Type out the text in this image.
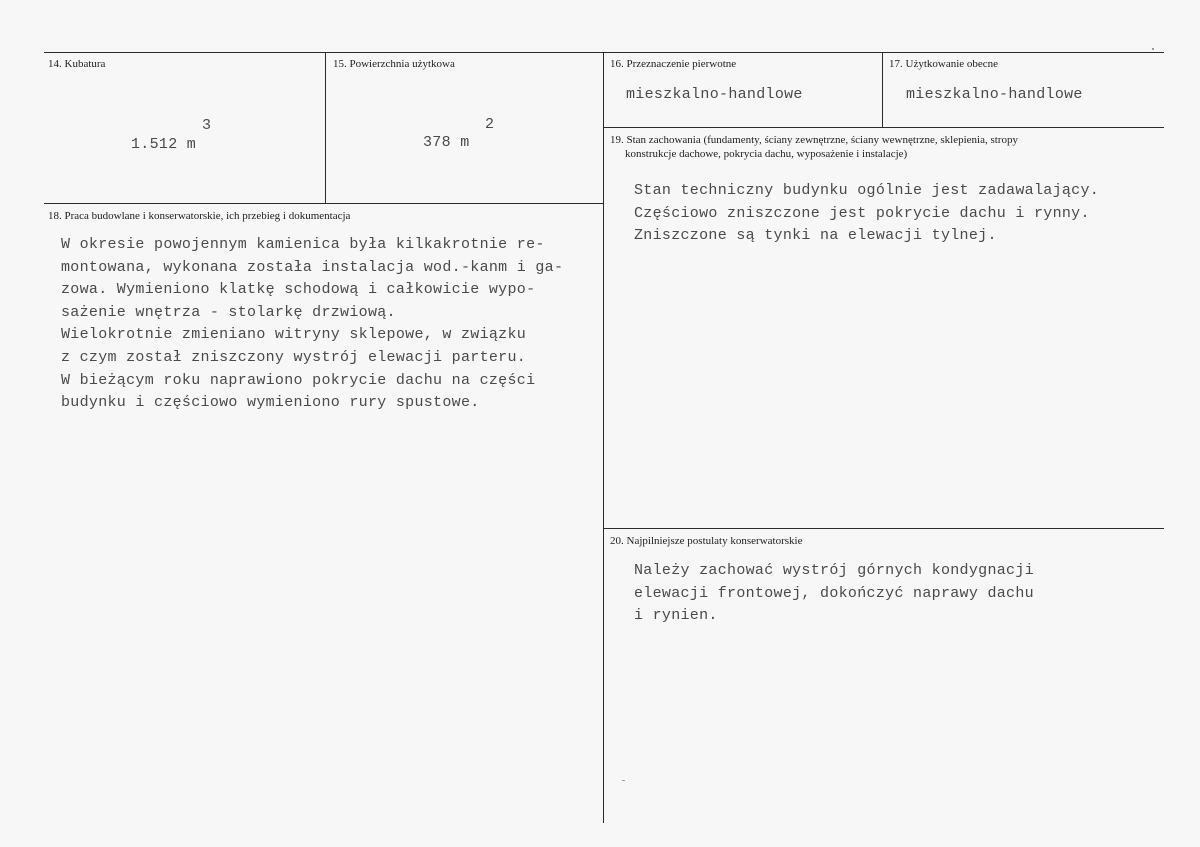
14. Kubatura
1.512 m
3
15. Powierzchnia użytkowa
378 m
2
16. Przeznaczenie pierwotne
mieszkalno-handlowe
17. Użytkowanie obecne
mieszkalno-handlowe
19. Stan zachowania (fundamenty, ściany zewnętrzne, ściany wewnętrzne, sklepienia, stropy
konstrukcje dachowe, pokrycia dachu, wyposażenie i instalacje)
Stan techniczny budynku ogólnie jest zadawalający.
Częściowo zniszczone jest pokrycie dachu i rynny.
Zniszczone są tynki na elewacji tylnej.
18. Praca budowlane i konserwatorskie, ich przebieg i dokumentacja
W okresie powojennym kamienica była kilkakrotnie re-
montowana, wykonana została instalacja wod.-kanm i ga-
zowa. Wymieniono klatkę schodową i całkowicie wypo-
sażenie wnętrza - stolarkę drzwiową.
Wielokrotnie zmieniano witryny sklepowe, w związku
z czym został zniszczony wystrój elewacji parteru.
W bieżącym roku naprawiono pokrycie dachu na części
budynku i częściowo wymieniono rury spustowe.
20. Najpilniejsze postulaty konserwatorskie
Należy zachować wystrój górnych kondygnacji
elewacji frontowej, dokończyć naprawy dachu
i rynien.
